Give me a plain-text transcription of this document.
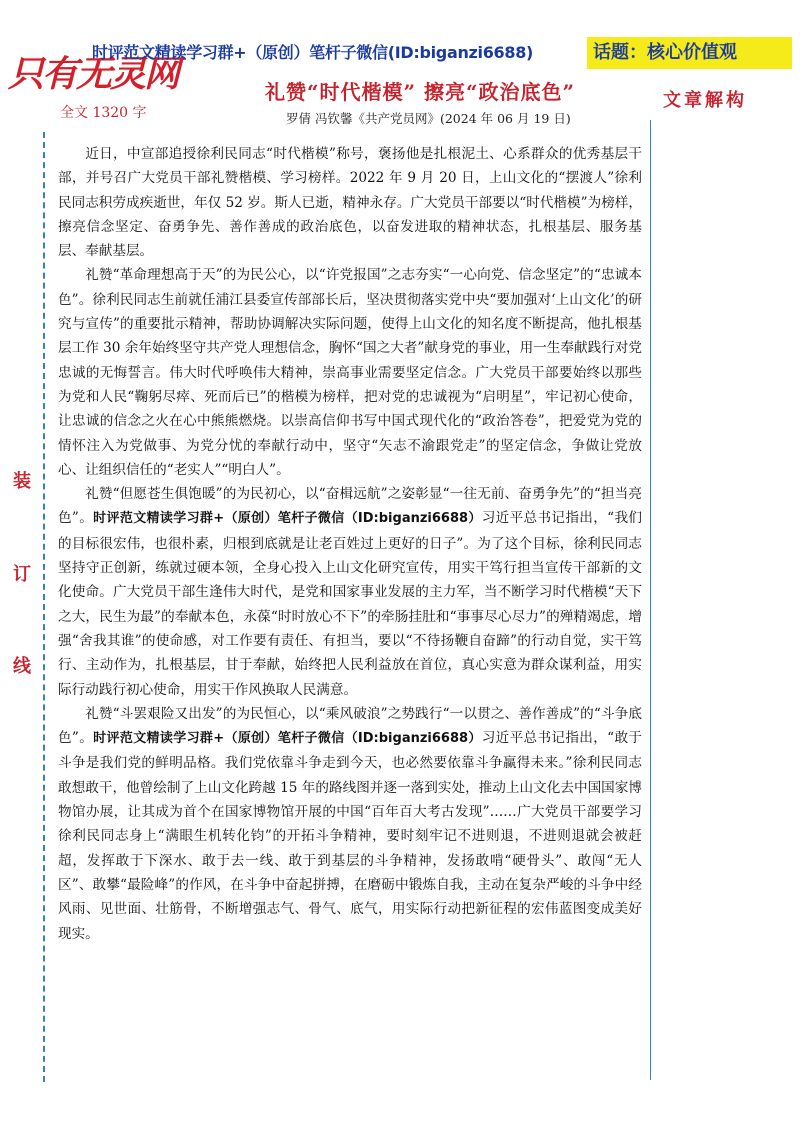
只有无灵网
时评范文精读学习群+（原创）笔杆子微信(ID:biganzi6688)	话题：核心价值观
礼赞“时代楷模” 擦亮“政治底色”
罗倩 冯钦馨《共产党员网》(2024 年 06 月 19 日)
全文 1320 字
文章解构
装
订
线

近日，中宣部追授徐利民同志“时代楷模”称号，褒扬他是扎根泥土、心系群众的优秀基层干部，并号召广大党员干部礼赞楷模、学习榜样。2022 年 9 月 20 日，上山文化的“摆渡人”徐利民同志积劳成疾逝世，年仅 52 岁。斯人已逝，精神永存。广大党员干部要以“时代楷模”为榜样，擦亮信念坚定、奋勇争先、善作善成的政治底色，以奋发进取的精神状态，扎根基层、服务基层、奉献基层。

礼赞“革命理想高于天”的为民公心，以“许党报国”之志夯实“一心向党、信念坚定”的“忠诚本色”。徐利民同志生前就任浦江县委宣传部部长后，坚决贯彻落实党中央“要加强对‘上山文化’的研究与宣传”的重要批示精神，帮助协调解决实际问题，使得上山文化的知名度不断提高，他扎根基层工作 30 余年始终坚守共产党人理想信念，胸怀“国之大者”献身党的事业，用一生奉献践行对党忠诚的无悔誓言。伟大时代呼唤伟大精神，崇高事业需要坚定信念。广大党员干部要始终以那些为党和人民“鞠躬尽瘁、死而后已”的楷模为榜样，把对党的忠诚视为“启明星”，牢记初心使命，让忠诚的信念之火在心中熊熊燃烧。以崇高信仰书写中国式现代化的“政治答卷”，把爱党为党的情怀注入为党做事、为党分忧的奉献行动中，坚守“矢志不渝跟党走”的坚定信念，争做让党放心、让组织信任的“老实人”“明白人”。

礼赞“但愿苍生俱饱暖”的为民初心，以“奋楫远航”之姿彰显“一往无前、奋勇争先”的“担当亮色”。时评范文精读学习群+（原创）笔杆子微信（ID:biganzi6688）习近平总书记指出，“我们的目标很宏伟，也很朴素，归根到底就是让老百姓过上更好的日子”。为了这个目标，徐利民同志坚持守正创新，练就过硬本领，全身心投入上山文化研究宣传，用实干笃行担当宣传干部新的文化使命。广大党员干部生逢伟大时代，是党和国家事业发展的主力军，当不断学习时代楷模“天下之大，民生为最”的奉献本色，永葆“时时放心不下”的牵肠挂肚和“事事尽心尽力”的殚精竭虑，增强“舍我其谁”的使命感，对工作要有责任、有担当，要以“不待扬鞭自奋蹄”的行动自觉，实干笃行、主动作为，扎根基层，甘于奉献，始终把人民利益放在首位，真心实意为群众谋利益，用实际行动践行初心使命，用实干作风换取人民满意。

礼赞“斗罢艰险又出发”的为民恒心，以“乘风破浪”之势践行“一以贯之、善作善成”的“斗争底色”。时评范文精读学习群+（原创）笔杆子微信（ID:biganzi6688）习近平总书记指出，“敢于斗争是我们党的鲜明品格。我们党依靠斗争走到今天，也必然要依靠斗争赢得未来。”徐利民同志敢想敢干，他曾绘制了上山文化跨越 15 年的路线图并逐一落到实处，推动上山文化去中国国家博物馆办展，让其成为首个在国家博物馆开展的中国“百年百大考古发现”……广大党员干部要学习徐利民同志身上“满眼生机转化钧”的开拓斗争精神，要时刻牢记不进则退，不进则退就会被赶超，发挥敢于下深水、敢于去一线、敢于到基层的斗争精神，发扬敢啃“硬骨头”、敢闯“无人区”、敢攀“最险峰”的作风，在斗争中奋起拼搏，在磨砺中锻炼自我，主动在复杂严峻的斗争中经风雨、见世面、壮筋骨，不断增强志气、骨气、底气，用实际行动把新征程的宏伟蓝图变成美好现实。
